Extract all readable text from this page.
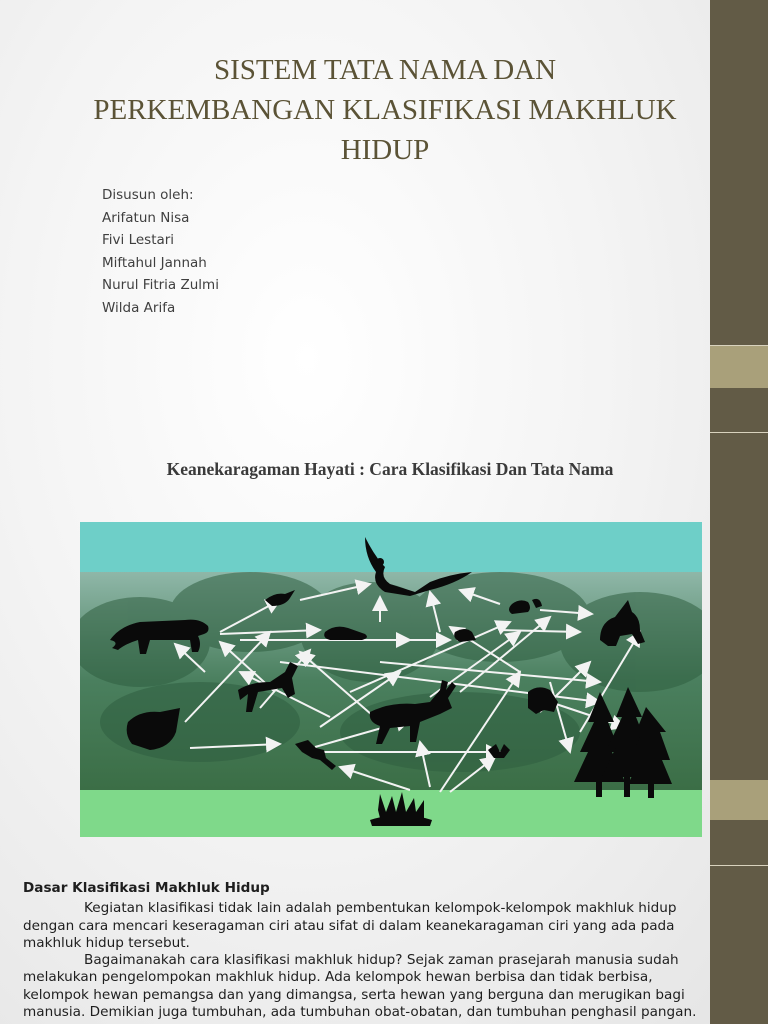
SISTEM TATA NAMA DAN
PERKEMBANGAN KLASIFIKASI MAKHLUK
HIDUP
Disusun oleh:
Arifatun Nisa
Fivi Lestari
Miftahul Jannah
Nurul Fitria Zulmi
Wilda Arifa
Keanekaragaman Hayati : Cara Klasifikasi Dan Tata Nama
Dasar Klasifikasi Makhluk Hidup

Kegiatan klasifikasi tidak lain adalah pembentukan kelompok-kelompok makhluk hidup dengan cara mencari keseragaman ciri atau sifat di dalam keanekaragaman ciri yang ada pada makhluk hidup tersebut.

Bagaimanakah cara klasifikasi makhluk hidup? Sejak zaman prasejarah manusia sudah melakukan pengelompokan makhluk hidup. Ada kelompok hewan berbisa dan tidak berbisa, kelompok hewan pemangsa dan yang dimangsa, serta hewan yang berguna dan merugikan bagi manusia. Demikian juga tumbuhan, ada tumbuhan obat-obatan, dan tumbuhan penghasil pangan.
